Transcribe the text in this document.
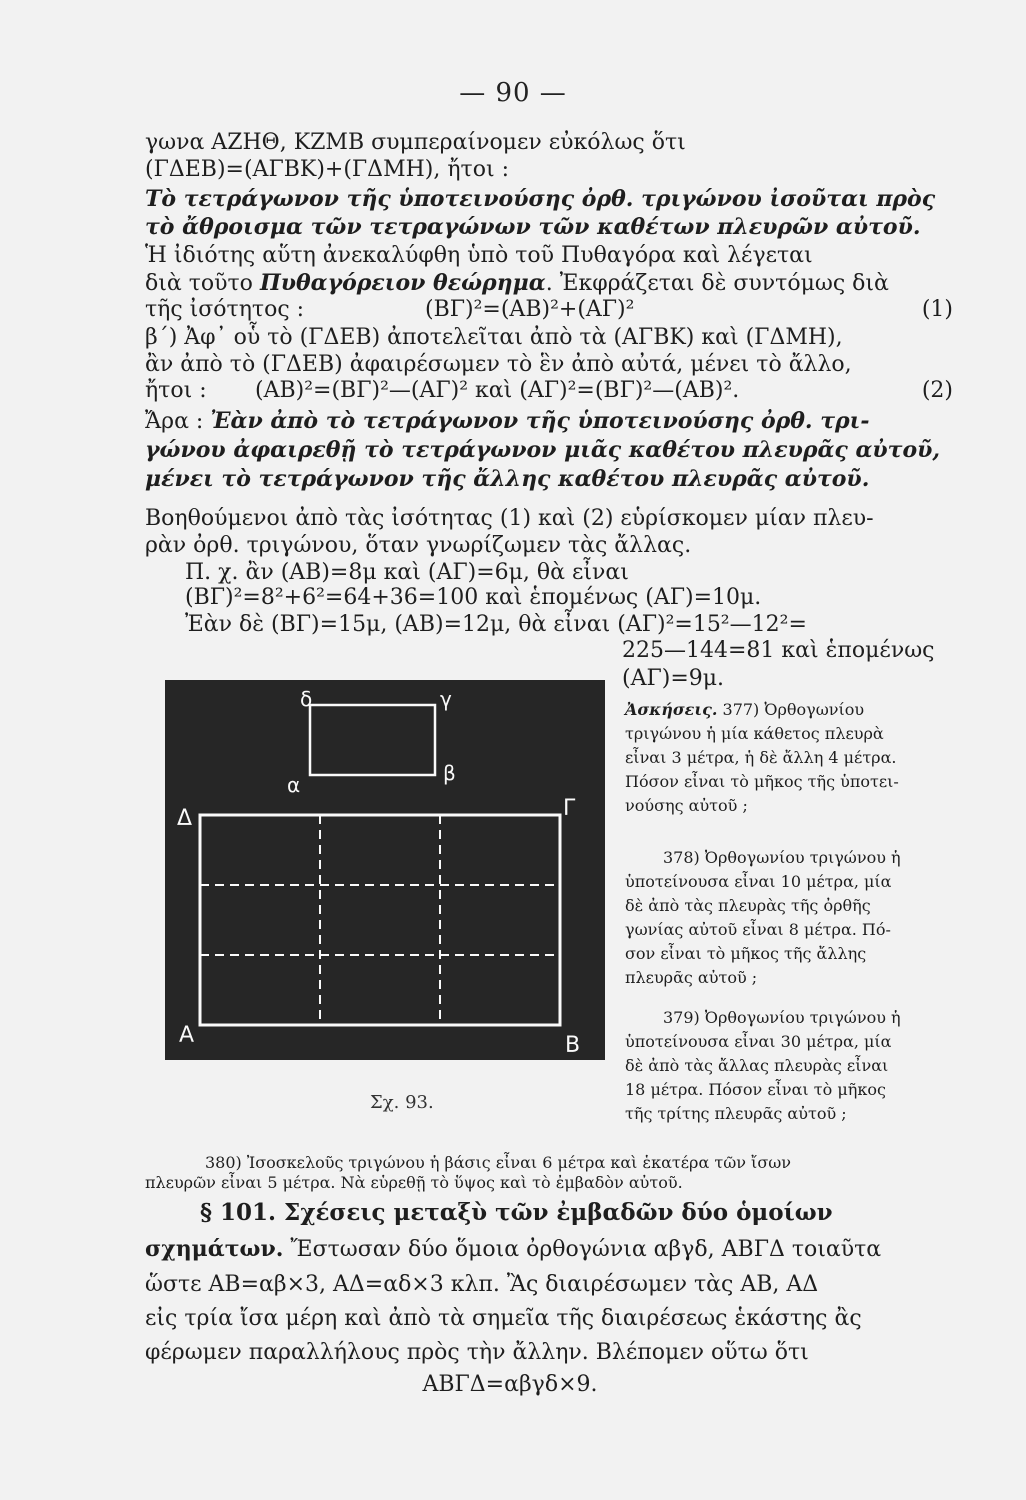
— 90 —
γωνα ΑΖΗΘ, ΚΖΜΒ συμπεραίνομεν εὐκόλως ὅτι
(ΓΔΕΒ)=(ΑΓΒΚ)+(ΓΔΜΗ), ἤτοι :
Τὸ τετράγωνον τῆς ὑποτεινούσης ὀρθ. τριγώνου ἰσοῦται πρὸς
τὸ ἄθροισμα τῶν τετραγώνων τῶν καθέτων πλευρῶν αὐτοῦ.
Ἡ ἰδιότης αὕτη ἀνεκαλύφθη ὑπὸ τοῦ Πυθαγόρα καὶ λέγεται
διὰ τοῦτο Πυθαγόρειον θεώρημα. Ἐκφράζεται δὲ συντόμως διὰ
τῆς ἰσότητος :	(ΒΓ)²=(ΑΒ)²+(ΑΓ)²	(1)
β´) Ἀφ᾽ οὗ τὸ (ΓΔΕΒ) ἀποτελεῖται ἀπὸ τὰ (ΑΓΒΚ) καὶ (ΓΔΜΗ),
ἂν ἀπὸ τὸ (ΓΔΕΒ) ἀφαιρέσωμεν τὸ ἓν ἀπὸ αὐτά, μένει τὸ ἄλλο,
ἤτοι : (ΑΒ)²=(ΒΓ)²—(ΑΓ)² καὶ (ΑΓ)²=(ΒΓ)²—(ΑΒ)².	(2)
Ἄρα : Ἐὰν ἀπὸ τὸ τετράγωνον τῆς ὑποτεινούσης ὀρθ. τρι-
γώνου ἀφαιρεθῇ τὸ τετράγωνον μιᾶς καθέτου πλευρᾶς αὐτοῦ,
μένει τὸ τετράγωνον τῆς ἄλλης καθέτου πλευρᾶς αὐτοῦ.
Βοηθούμενοι ἀπὸ τὰς ἰσότητας (1) καὶ (2) εὑρίσκομεν μίαν πλευ-
ρὰν ὀρθ. τριγώνου, ὅταν γνωρίζωμεν τὰς ἄλλας.
Π. χ. ἂν (ΑΒ)=8μ καὶ (ΑΓ)=6μ, θὰ εἶναι
(ΒΓ)²=8²+6²=64+36=100 καὶ ἑπομένως (ΑΓ)=10μ.
Ἐὰν δὲ (ΒΓ)=15μ, (ΑΒ)=12μ, θὰ εἶναι (ΑΓ)²=15²—12²=
225—144=81 καὶ ἑπομένως
(ΑΓ)=9μ.
δ	γ
α	β
Δ	Γ
Α	Β
Σχ. 93.
Ἀσκήσεις. 377) Ὀρθογωνίου
τριγώνου ἡ μία κάθετος πλευρὰ
εἶναι 3 μέτρα, ἡ δὲ ἄλλη 4 μέτρα.
Πόσον εἶναι τὸ μῆκος τῆς ὑποτει-
νούσης αὐτοῦ ;
378) Ὀρθογωνίου τριγώνου ἡ
ὑποτείνουσα εἶναι 10 μέτρα, μία
δὲ ἀπὸ τὰς πλευρὰς τῆς ὀρθῆς
γωνίας αὐτοῦ εἶναι 8 μέτρα. Πό-
σον εἶναι τὸ μῆκος τῆς ἄλλης
πλευρᾶς αὐτοῦ ;
379) Ὀρθογωνίου τριγώνου ἡ
ὑποτείνουσα εἶναι 30 μέτρα, μία
δὲ ἀπὸ τὰς ἄλλας πλευρὰς εἶναι
18 μέτρα. Πόσον εἶναι τὸ μῆκος
τῆς τρίτης πλευρᾶς αὐτοῦ ;
380) Ἰσοσκελοῦς τριγώνου ἡ βάσις εἶναι 6 μέτρα καὶ ἑκατέρα τῶν ἴσων
πλευρῶν εἶναι 5 μέτρα. Νὰ εὑρεθῇ τὸ ὕψος καὶ τὸ ἐμβαδὸν αὐτοῦ.
§ 101. Σχέσεις μεταξὺ τῶν ἐμβαδῶν δύο ὁμοίων
σχημάτων. Ἔστωσαν δύο ὅμοια ὀρθογώνια αβγδ, ΑΒΓΔ τοιαῦτα
ὥστε ΑΒ=αβ×3, ΑΔ=αδ×3 κλπ. Ἂς διαιρέσωμεν τὰς ΑΒ, ΑΔ
εἰς τρία ἴσα μέρη καὶ ἀπὸ τὰ σημεῖα τῆς διαιρέσεως ἑκάστης ἂς
φέρωμεν παραλλήλους πρὸς τὴν ἄλλην. Βλέπομεν οὕτω ὅτι
ΑΒΓΔ=αβγδ×9.
